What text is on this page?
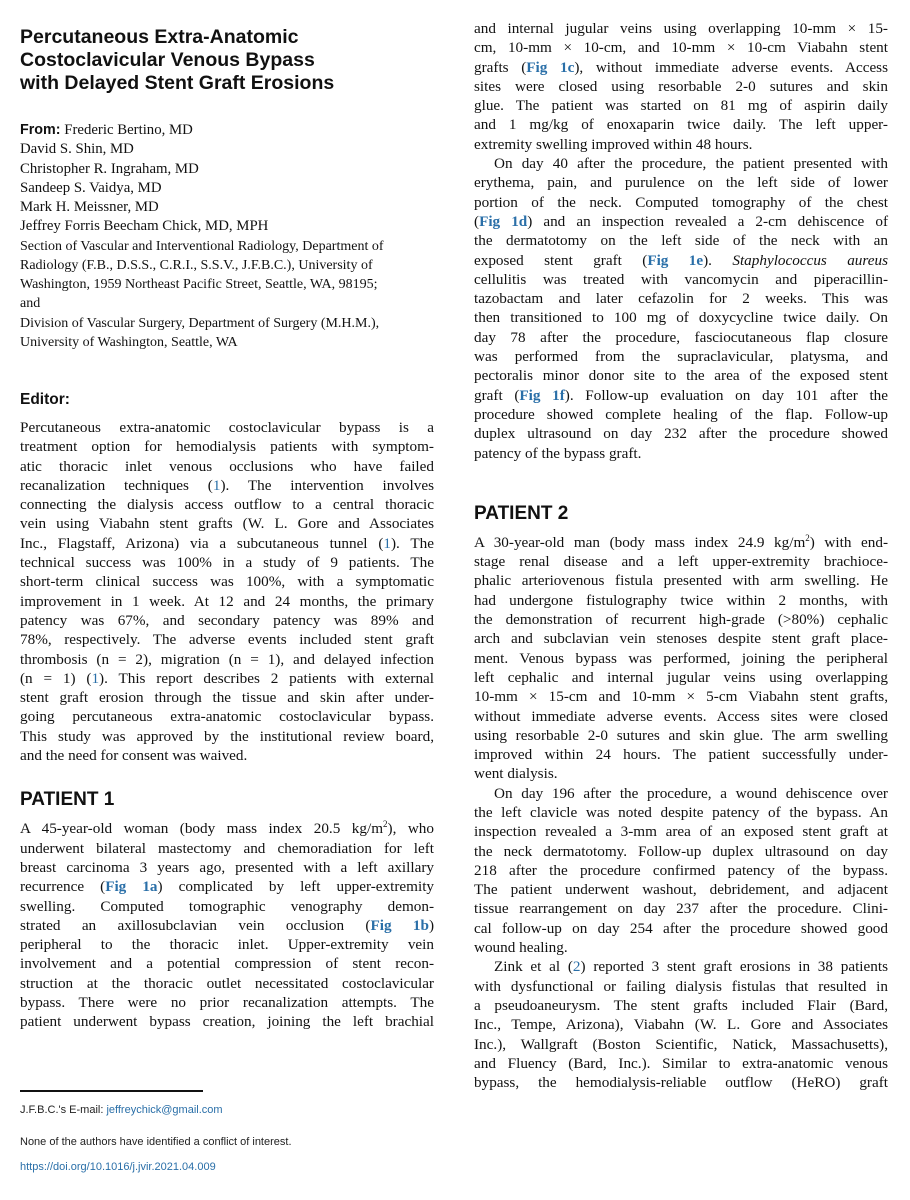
Percutaneous Extra-Anatomic
Costoclavicular Venous Bypass
with Delayed Stent Graft Erosions
From: Frederic Bertino, MD
David S. Shin, MD
Christopher R. Ingraham, MD
Sandeep S. Vaidya, MD
Mark H. Meissner, MD
Jeffrey Forris Beecham Chick, MD, MPH
Section of Vascular and Interventional Radiology, Department of
Radiology (F.B., D.S.S., C.R.I., S.S.V., J.F.B.C.), University of
Washington, 1959 Northeast Pacific Street, Seattle, WA, 98195;
and
Division of Vascular Surgery, Department of Surgery (M.H.M.),
University of Washington, Seattle, WA
Editor:
Percutaneous extra-anatomic costoclavicular bypass is a
treatment option for hemodialysis patients with symptom-
atic thoracic inlet venous occlusions who have failed
recanalization techniques (1). The intervention involves
connecting the dialysis access outflow to a central thoracic
vein using Viabahn stent grafts (W. L. Gore and Associates
Inc., Flagstaff, Arizona) via a subcutaneous tunnel (1). The
technical success was 100% in a study of 9 patients. The
short-term clinical success was 100%, with a symptomatic
improvement in 1 week. At 12 and 24 months, the primary
patency was 67%, and secondary patency was 89% and
78%, respectively. The adverse events included stent graft
thrombosis (n = 2), migration (n = 1), and delayed infection
(n = 1) (1). This report describes 2 patients with external
stent graft erosion through the tissue and skin after under-
going percutaneous extra-anatomic costoclavicular bypass.
This study was approved by the institutional review board,
and the need for consent was waived.
PATIENT 1
A 45-year-old woman (body mass index 20.5 $kg/m^2$), who
underwent bilateral mastectomy and chemoradiation for left
breast carcinoma 3 years ago, presented with a left axillary
recurrence (Fig 1a) complicated by left upper-extremity
swelling. Computed tomographic venography demon-
strated an axillosubclavian vein occlusion (Fig 1b)
peripheral to the thoracic inlet. Upper-extremity vein
involvement and a potential compression of stent recon-
struction at the thoracic outlet necessitated costoclavicular
bypass. There were no prior recanalization attempts. The
patient underwent bypass creation, joining the left brachial
J.F.B.C.'s E-mail: jeffreychick@gmail.com
None of the authors have identified a conflict of interest.
https://doi.org/10.1016/j.jvir.2021.04.009
and internal jugular veins using overlapping 10-mm × 15-
cm, 10-mm × 10-cm, and 10-mm × 10-cm Viabahn stent
grafts (Fig 1c), without immediate adverse events. Access
sites were closed using resorbable 2-0 sutures and skin
glue. The patient was started on 81 mg of aspirin daily
and 1 mg/kg of enoxaparin twice daily. The left upper-
extremity swelling improved within 48 hours.
On day 40 after the procedure, the patient presented with
erythema, pain, and purulence on the left side of lower
portion of the neck. Computed tomography of the chest
(Fig 1d) and an inspection revealed a 2-cm dehiscence of
the dermatotomy on the left side of the neck with an
exposed stent graft (Fig 1e). Staphylococcus aureus
cellulitis was treated with vancomycin and piperacillin-
tazobactam and later cefazolin for 2 weeks. This was
then transitioned to 100 mg of doxycycline twice daily. On
day 78 after the procedure, fasciocutaneous flap closure
was performed from the supraclavicular, platysma, and
pectoralis minor donor site to the area of the exposed stent
graft (Fig 1f). Follow-up evaluation on day 101 after the
procedure showed complete healing of the flap. Follow-up
duplex ultrasound on day 232 after the procedure showed
patency of the bypass graft.
PATIENT 2
A 30-year-old man (body mass index 24.9 $kg/m^2$) with end-
stage renal disease and a left upper-extremity brachioce-
phalic arteriovenous fistula presented with arm swelling. He
had undergone fistulography twice within 2 months, with
the demonstration of recurrent high-grade (>80%) cephalic
arch and subclavian vein stenoses despite stent graft place-
ment. Venous bypass was performed, joining the peripheral
left cephalic and internal jugular veins using overlapping
10-mm × 15-cm and 10-mm × 5-cm Viabahn stent grafts,
without immediate adverse events. Access sites were closed
using resorbable 2-0 sutures and skin glue. The arm swelling
improved within 24 hours. The patient successfully under-
went dialysis.
On day 196 after the procedure, a wound dehiscence over
the left clavicle was noted despite patency of the bypass. An
inspection revealed a 3-mm area of an exposed stent graft at
the neck dermatotomy. Follow-up duplex ultrasound on day
218 after the procedure confirmed patency of the bypass.
The patient underwent washout, debridement, and adjacent
tissue rearrangement on day 237 after the procedure. Clini-
cal follow-up on day 254 after the procedure showed good
wound healing.
Zink et al (2) reported 3 stent graft erosions in 38 patients
with dysfunctional or failing dialysis fistulas that resulted in
a pseudoaneurysm. The stent grafts included Flair (Bard,
Inc., Tempe, Arizona), Viabahn (W. L. Gore and Associates
Inc.), Wallgraft (Boston Scientific, Natick, Massachusetts),
and Fluency (Bard, Inc.). Similar to extra-anatomic venous
bypass, the hemodialysis-reliable outflow (HeRO) graft
